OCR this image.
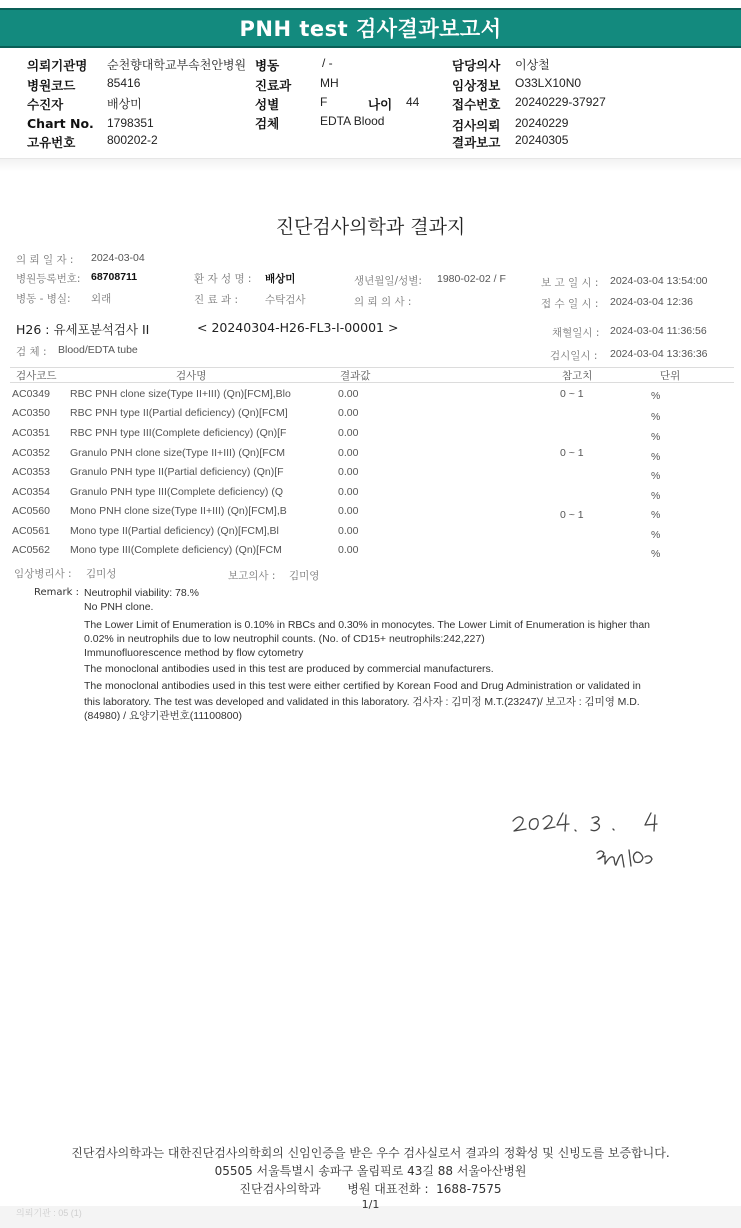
PNH test 검사결과보고서
의뢰기관명 순천향대학교부속천안병원
병원코드	85416
수진자	배상미
Chart No. 1798351
고유번호	800202-2
병동	/ -
진료과 MH
성별	F	나이 44
검체	EDTA Blood
담당의사 이상철
임상정보 O33LX10N0
접수번호 20240229-37927
검사의뢰 20240229
결과보고 20240305
진단검사의학과 결과지
의 뢰 일 자 : 2024-03-04
병원등록번호: 68708711	환 자 성 명 : 배상미	생년월일/성별: 1980-02-02 / F	보 고 일 시 : 2024-03-04 13:54:00
병동 - 병실: 외래	진 료 과 :	수탁검사	의 뢰 의 사 :	접 수 일 시 : 2024-03-04 12:36
H26 : 유세포분석검사 II	< 20240304-H26-FL3-I-00001 >	채혈일시 : 2024-03-04 11:36:56
검 체 : Blood/EDTA tube	검시일시 : 2024-03-04 13:36:36
검사코드	검사명	결과값	참고치	단위
AC0349 RBC PNH clone size(Type II+III) (Qn)[FCM],Blo	0.00	0 ~ 1	%
AC0350 RBC PNH type II(Partial deficiency) (Qn)[FCM]	0.00	%
AC0351 RBC PNH type III(Complete deficiency) (Qn)[F	0.00	%
AC0352 Granulo PNH clone size(Type II+III) (Qn)[FCM	0.00	0 ~ 1	%
AC0353 Granulo PNH type II(Partial deficiency) (Qn)[F	0.00	%
AC0354 Granulo PNH type III(Complete deficiency) (Q	0.00	%
AC0560 Mono PNH clone size(Type II+III) (Qn)[FCM],B	0.00	0 ~ 1	%
AC0561 Mono type II(Partial deficiency) (Qn)[FCM],Bl	0.00	%
AC0562 Mono type III(Complete deficiency) (Qn)[FCM	0.00	%
임상병리사 : 김미성	보고의사 : 김미영
Remark : Neutrophil viability: 78.%
No PNH clone.
The Lower Limit of Enumeration is 0.10% in RBCs and 0.30% in monocytes. The Lower Limit of Enumeration is higher than
0.02% in neutrophils due to low neutrophil counts. (No. of CD15+ neutrophils:242,227)
Immunofluorescence method by flow cytometry
The monoclonal antibodies used in this test are produced by commercial manufacturers.
The monoclonal antibodies used in this test were either certified by Korean Food and Drug Administration or validated in
this laboratory. The test was developed and validated in this laboratory. 검사자 : 김미정 M.T.(23247)/ 보고자 : 김미영 M.D.
(84980) / 요양기관번호(11100800)
진단검사의학과는 대한진단검사의학회의 신임인증을 받은 우수 검사실로서 결과의 정확성 및 신빙도를 보증합니다.
05505 서울특별시 송파구 올림픽로 43길 88 서울아산병원
진단검사의학과 병원 대표전화 : 1688-7575
의뢰기관 : 05 (1)
1/1
